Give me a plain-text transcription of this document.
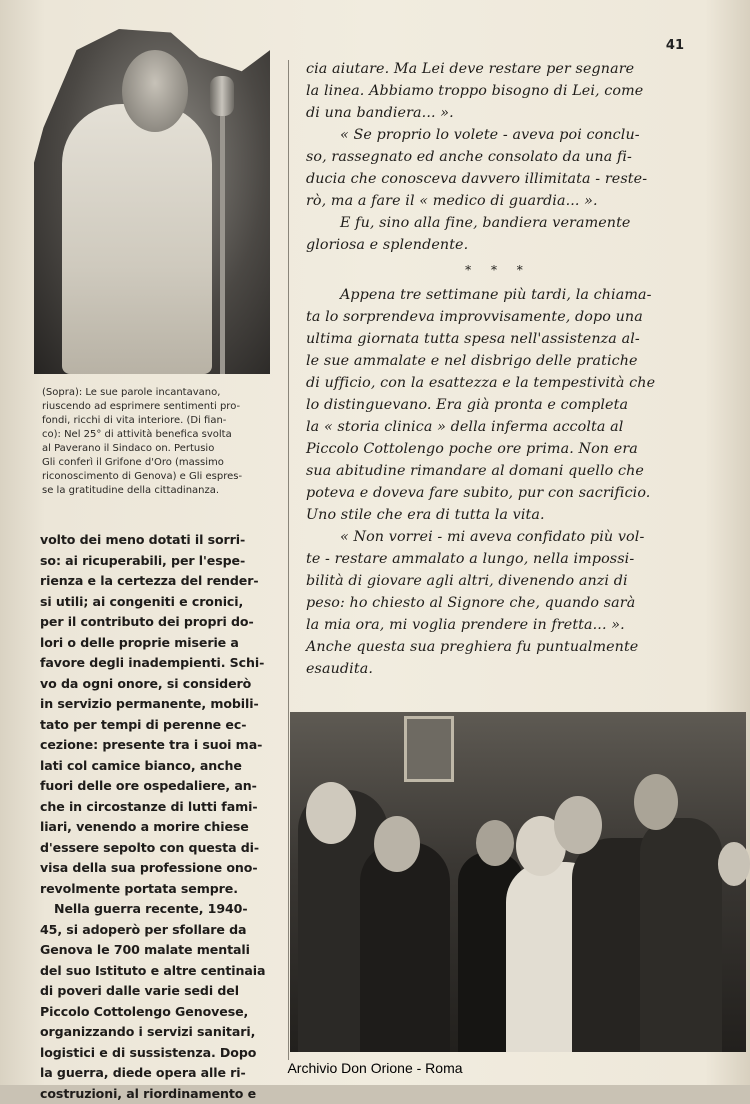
41
(Sopra): Le sue parole incantavano,
riuscendo ad esprimere sentimenti pro-
fondi, ricchi di vita interiore. (Di fian-
co): Nel 25° di attività benefica svolta
al Paverano il Sindaco on. Pertusio
Gli conferì il Grifone d'Oro (massimo
riconoscimento di Genova) e Gli espres-
se la gratitudine della cittadinanza.
volto dei meno dotati il sorri-
so: ai ricuperabili, per l'espe-
rienza e la certezza del render-
si utili; ai congeniti e cronici,
per il contributo dei propri do-
lori o delle proprie miserie a
favore degli inadempienti. Schi-
vo da ogni onore, si considerò
in servizio permanente, mobili-
tato per tempi di perenne ec-
cezione: presente tra i suoi ma-
lati col camice bianco, anche
fuori delle ore ospedaliere, an-
che in circostanze di lutti fami-
liari, venendo a morire chiese
d'essere sepolto con questa di-
visa della sua professione ono-
revolmente portata sempre.
Nella guerra recente, 1940-
45, si adoperò per sfollare da
Genova le 700 malate mentali
del suo Istituto e altre centinaia
di poveri dalle varie sedi del
Piccolo Cottolengo Genovese,
organizzando i servizi sanitari,
logistici e di sussistenza. Dopo
la guerra, diede opera alle ri-
costruzioni, al riordinamento e
cia aiutare. Ma Lei deve restare per segnare
la linea. Abbiamo troppo bisogno di Lei, come
di una bandiera... ».
« Se proprio lo volete - aveva poi conclu-
so, rassegnato ed anche consolato da una fi-
ducia che conosceva davvero illimitata - reste-
rò, ma a fare il « medico di guardia... ».
E fu, sino alla fine, bandiera veramente
gloriosa e splendente.
* * *
Appena tre settimane più tardi, la chiama-
ta lo sorprendeva improvvisamente, dopo una
ultima giornata tutta spesa nell'assistenza al-
le sue ammalate e nel disbrigo delle pratiche
di ufficio, con la esattezza e la tempestività che
lo distinguevano. Era già pronta e completa
la « storia clinica » della inferma accolta al
Piccolo Cottolengo poche ore prima. Non era
sua abitudine rimandare al domani quello che
poteva e doveva fare subito, pur con sacrificio.
Uno stile che era di tutta la vita.
« Non vorrei - mi aveva confidato più vol-
te - restare ammalato a lungo, nella impossi-
bilità di giovare agli altri, divenendo anzi di
peso: ho chiesto al Signore che, quando sarà
la mia ora, mi voglia prendere in fretta... ».
Anche questa sua preghiera fu puntualmente
esaudita.
Archivio Don Orione - Roma
